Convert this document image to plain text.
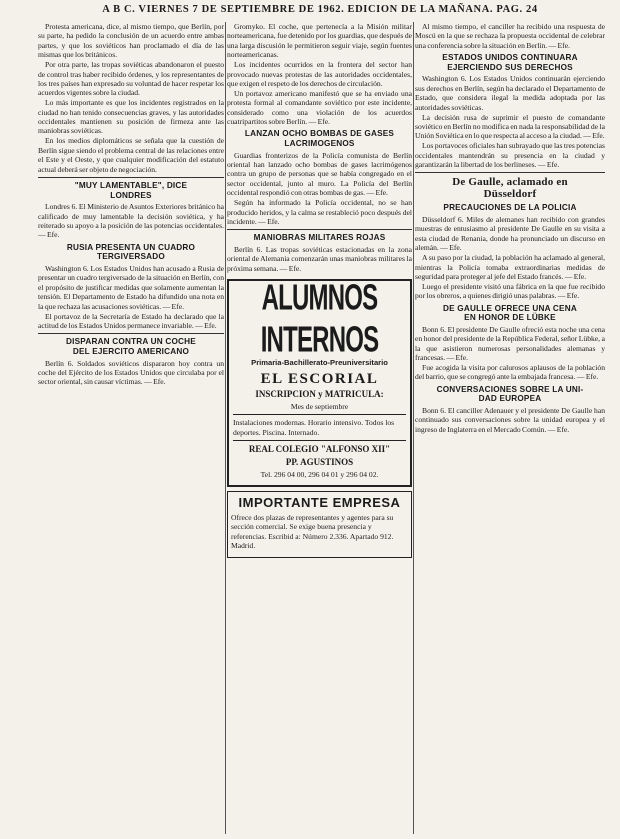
A B C. VIERNES 7 DE SEPTIEMBRE DE 1962. EDICION DE LA MAÑANA. PAG. 24

Protesta americana, dice, al mismo tiempo, que Berlín, por su parte, ha pedido la conclusión de un acuerdo entre ambas partes, y que los soviéticos han proclamado el día de las mismas que los británicos.

Por otra parte, las tropas soviéticas abandonaron el puesto de control tras haber recibido órdenes, y los representantes de los tres países han expresado su voluntad de hacer respetar los acuerdos vigentes sobre la ciudad.

Lo más importante es que los incidentes registrados en la ciudad no han tenido consecuencias graves, y las autoridades occidentales mantienen su posición de firmeza ante las maniobras soviéticas.

En los medios diplomáticos se señala que la cuestión de Berlín sigue siendo el problema central de las relaciones entre el Este y el Oeste, y que cualquier modificación del estatuto actual deberá ser objeto de negociación.

"MUY LAMENTABLE", DICE
LONDRES

Londres 6. El Ministerio de Asuntos Exteriores británico ha calificado de muy lamentable la decisión soviética, y ha reiterado su apoyo a la posición de las potencias occidentales. — Efe.

RUSIA PRESENTA UN CUADRO
TERGIVERSADO

Washington 6. Los Estados Unidos han acusado a Rusia de presentar un cuadro tergiversado de la situación en Berlín, con el propósito de justificar medidas que solamente aumentan la tensión. El Departamento de Estado ha difundido una nota en la que rechaza las acusaciones soviéticas. — Efe.

El portavoz de la Secretaría de Estado ha declarado que la actitud de los Estados Unidos permanece invariable. — Efe.

DISPARAN CONTRA UN COCHE
DEL EJERCITO AMERICANO

Berlín 6. Soldados soviéticos dispararon hoy contra un coche del Ejército de los Estados Unidos que circulaba por el sector oriental, sin causar víctimas. — Efe.

Gromyko. El coche, que pertenecía a la Misión militar norteamericana, fue detenido por los guardias, que después de una larga discusión le permitieron seguir viaje, según fuentes norteamericanas.

Los incidentes ocurridos en la frontera del sector han provocado nuevas protestas de las autoridades occidentales, que exigen el respeto de los derechos de circulación.

Un portavoz americano manifestó que se ha enviado una protesta formal al comandante soviético por este incidente, considerado como una violación de los acuerdos cuatripartitos sobre Berlín. — Efe.

LANZAN OCHO BOMBAS DE GASES
LACRIMOGENOS

Guardias fronterizos de la Policía comunista de Berlín oriental han lanzado ocho bombas de gases lacrimógenos contra un grupo de personas que se había congregado en el sector occidental, junto al muro. La Policía del Berlín occidental respondió con otras bombas de gas. — Efe.

Según ha informado la Policía occidental, no se han producido heridos, y la calma se restableció poco después del incidente. — Efe.

MANIOBRAS MILITARES ROJAS

Berlín 6. Las tropas soviéticas estacionadas en la zona oriental de Alemania comenzarán unas maniobras militares la próxima semana. — Efe.

ALUMNOS INTERNOS
Primaria-Bachillerato-Preuniversitario
EL ESCORIAL
INSCRIPCION y MATRICULA:
Mes de septiembre
Instalaciones modernas. Horario intensivo. Todos los deportes. Piscina. Internado.
REAL COLEGIO "ALFONSO XII"
PP. AGUSTINOS
Tel. 296 04 00, 296 04 01 y 296 04 02.
IMPORTANTE EMPRESA
Ofrece dos plazas de representantes y agentes para su sección comercial. Se exige buena presencia y referencias. Escribid a: Número 2.336. Apartado 912. Madrid.

Al mismo tiempo, el canciller ha recibido una respuesta de Moscú en la que se rechaza la propuesta occidental de celebrar una conferencia sobre la situación en Berlín. — Efe.

ESTADOS UNIDOS CONTINUARA
EJERCIENDO SUS DERECHOS

Washington 6. Los Estados Unidos continuarán ejerciendo sus derechos en Berlín, según ha declarado el Departamento de Estado, que considera ilegal la medida adoptada por las autoridades soviéticas.

La decisión rusa de suprimir el puesto de comandante soviético en Berlín no modifica en nada la responsabilidad de la Unión Soviética en lo que respecta al acceso a la ciudad. — Efe.

Los portavoces oficiales han subrayado que las tres potencias occidentales mantendrán su presencia en la ciudad y garantizarán la libertad de los berlineses. — Efe.

De Gaulle, aclamado en
Düsseldorf
PRECAUCIONES DE LA POLICIA

Düsseldorf 6. Miles de alemanes han recibido con grandes muestras de entusiasmo al presidente De Gaulle en su visita a esta ciudad de Renania, donde ha pronunciado un discurso en alemán. — Efe.

A su paso por la ciudad, la población ha aclamado al general, mientras la Policía tomaba extraordinarias medidas de seguridad para proteger al jefe del Estado francés. — Efe.

Luego el presidente visitó una fábrica en la que fue recibido por los obreros, a quienes dirigió unas palabras. — Efe.

DE GAULLE OFRECE UNA CENA
EN HONOR DE LÜBKE

Bonn 6. El presidente De Gaulle ofreció esta noche una cena en honor del presidente de la República Federal, señor Lübke, a la que asistieron numerosas personalidades alemanas y francesas. — Efe.

Fue acogida la visita por calurosos aplausos de la población del barrio, que se congregó ante la embajada francesa. — Efe.

CONVERSACIONES SOBRE LA UNI-
DAD EUROPEA

Bonn 6. El canciller Adenauer y el presidente De Gaulle han continuado sus conversaciones sobre la unidad europea y el ingreso de Inglaterra en el Mercado Común. — Efe.
